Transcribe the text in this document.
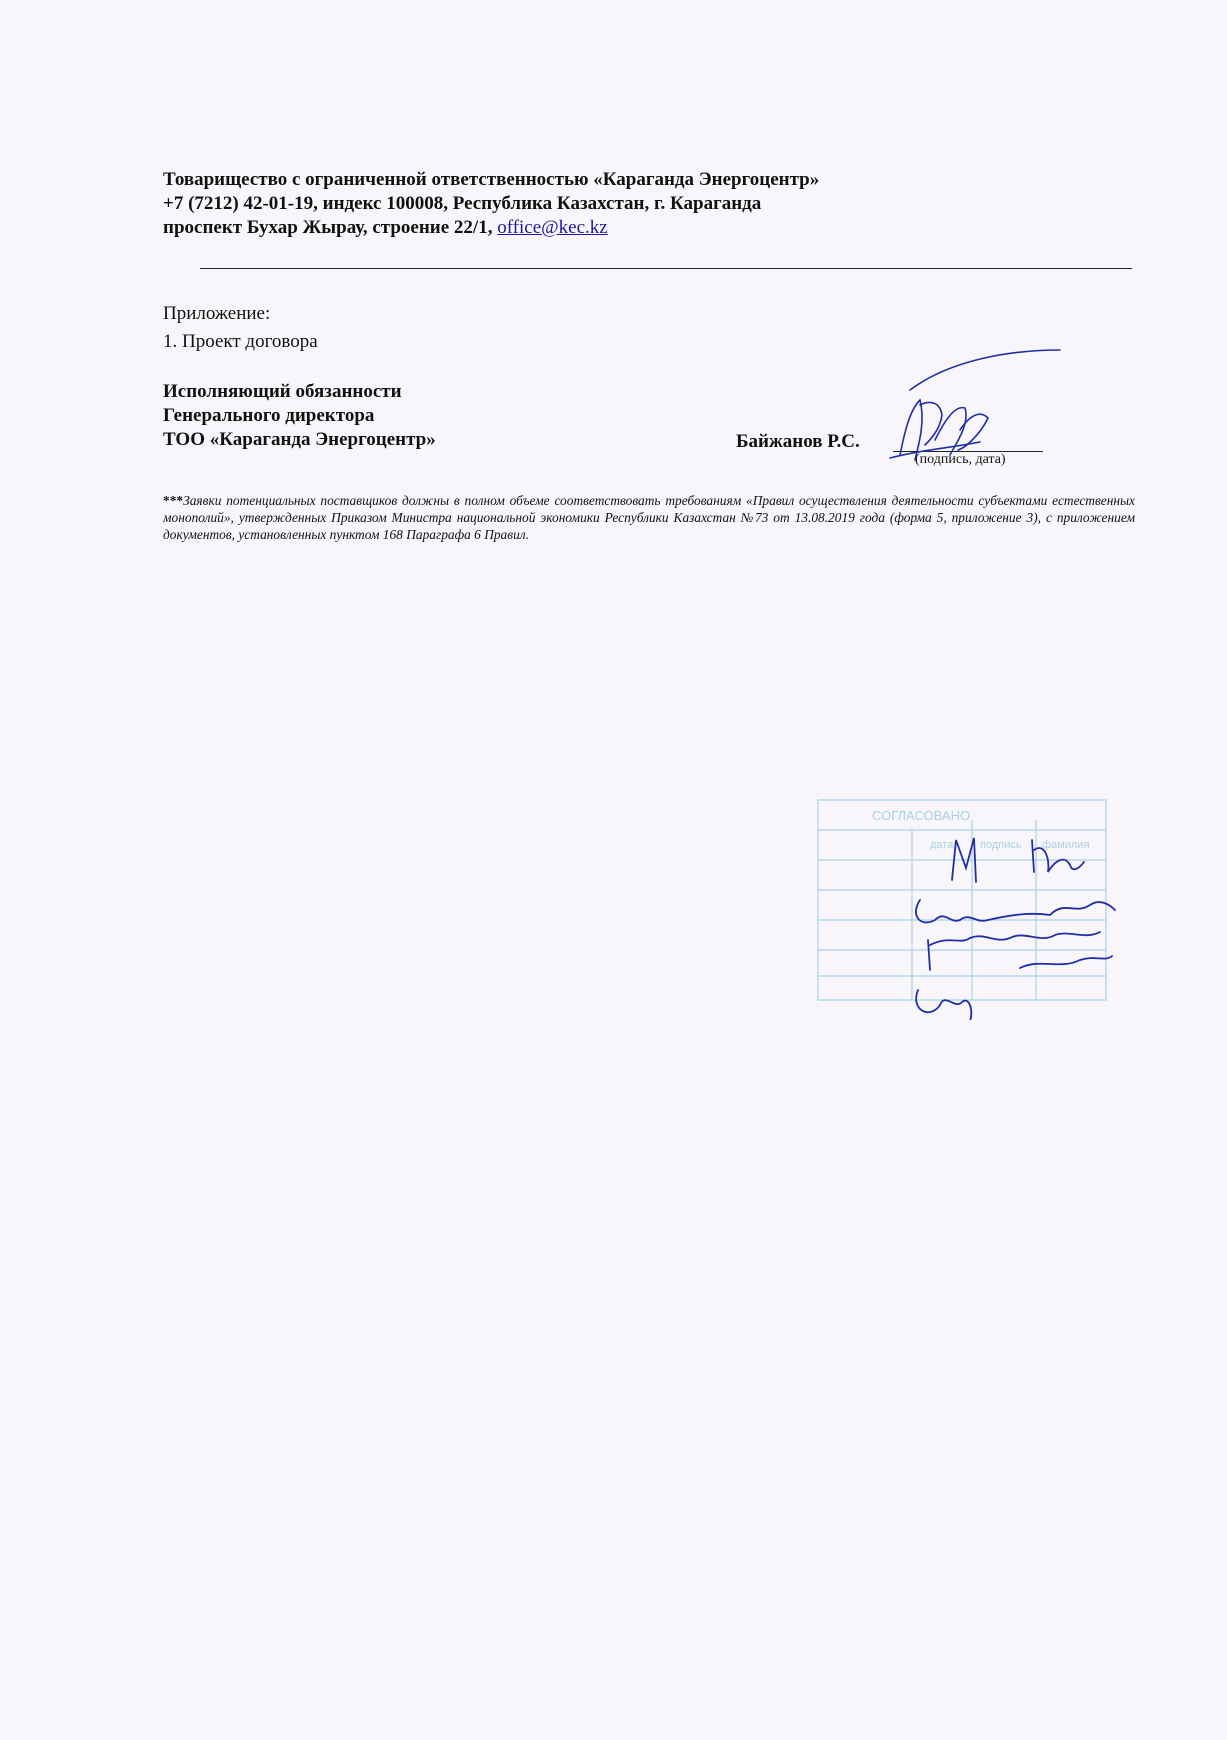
Товарищество с ограниченной ответственностью «Караганда Энергоцентр»
+7 (7212) 42-01-19, индекс 100008, Республика Казахстан, г. Караганда
проспект Бухар Жырау, строение 22/1, office@kec.kz
Приложение:
1. Проект договора
Исполняющий обязанности
Генерального директора
ТОО «Караганда Энергоцентр»	Байжанов Р.С.
(подпись, дата)
***Заявки потенциальных поставщиков должны в полном объеме соответствовать требованиям «Правил осуществления деятельности субъектами естественных монополий», утвержденных Приказом Министра национальной экономики Республики Казахстан №73 от 13.08.2019 года (форма 5, приложение 3), с приложением документов, установленных пунктом 168 Параграфа 6 Правил.
СОГЛАСОВАНО
дата подпись фамилия
